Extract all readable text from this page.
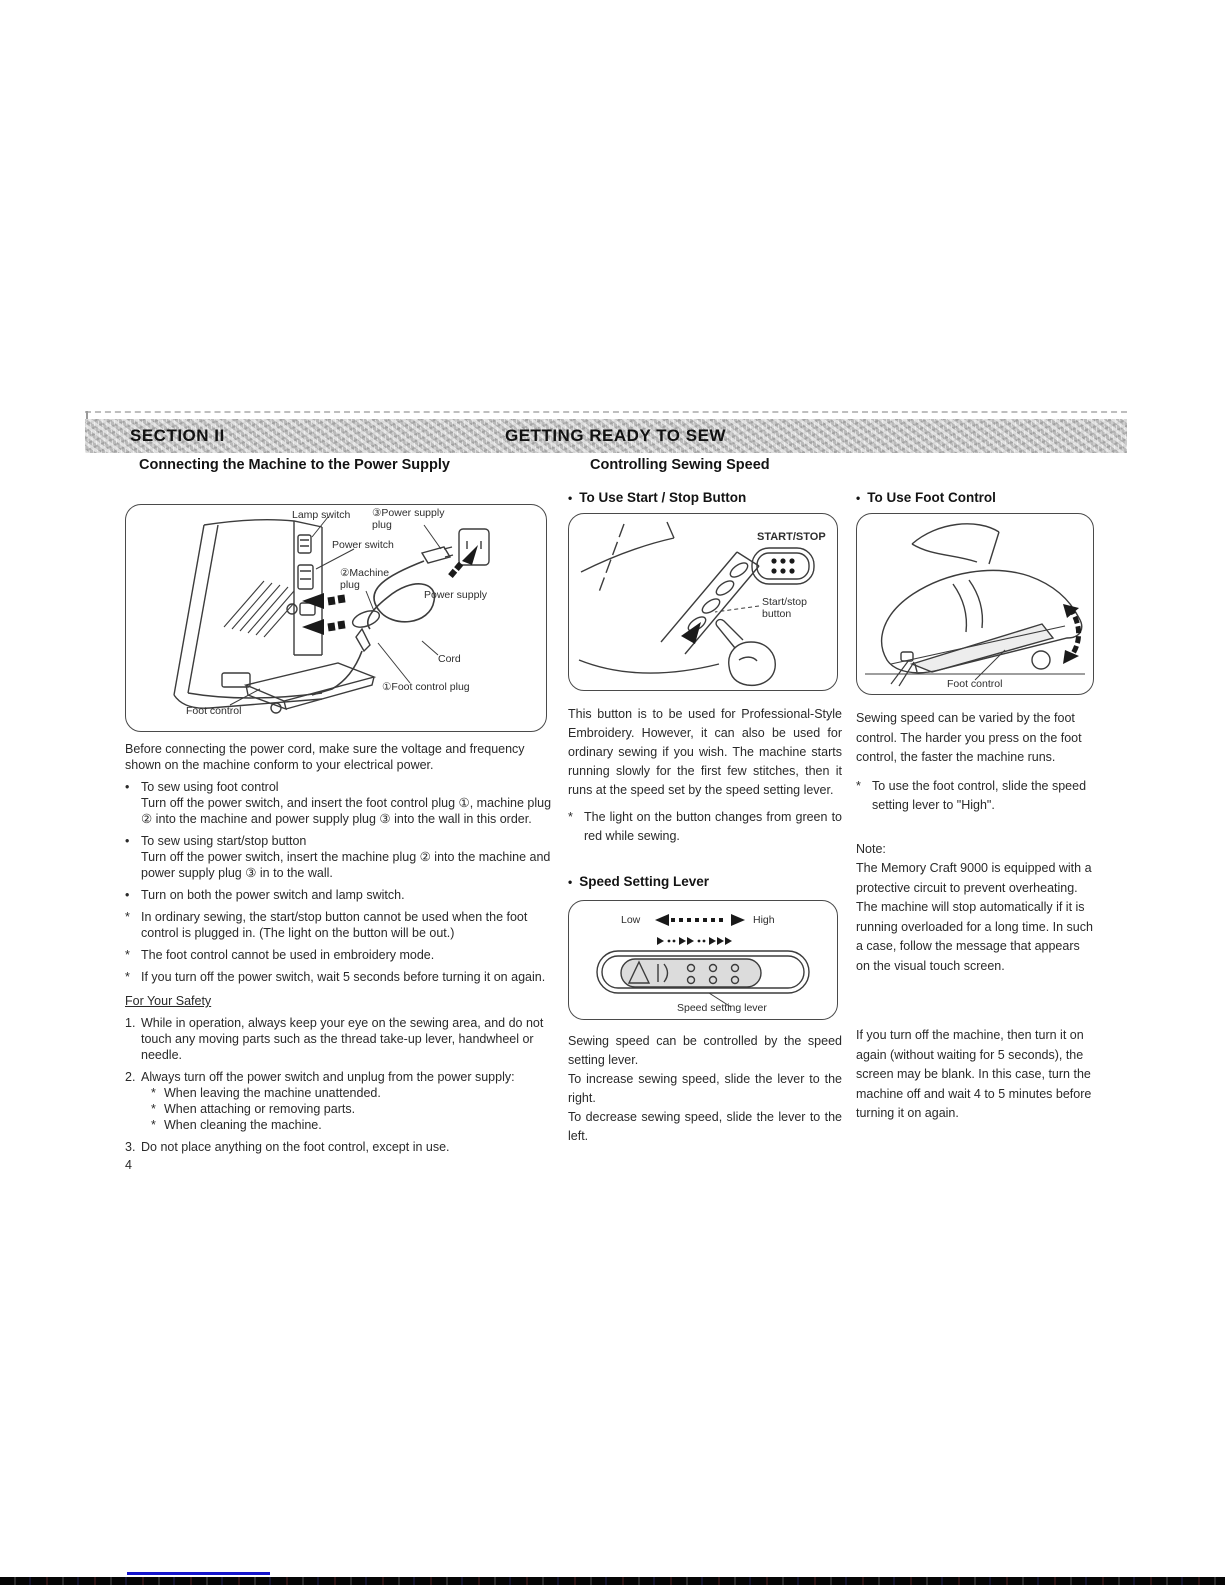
SECTION II	GETTING READY TO SEW
Connecting the Machine to the Power Supply
Lamp switch ③Power supply plug
Power switch
②Machine plug
Power supply
Cord
①Foot control plug
Foot control

Before connecting the power cord, make sure the voltage and frequency shown on the machine conform to your electrical power.

• To sew using foot control
Turn off the power switch, and insert the foot control plug ①, machine plug ② into the machine and power supply plug ③ into the wall in this order.
• To sew using start/stop button
Turn off the power switch, insert the machine plug ② into the machine and power supply plug ③ in to the wall.
• Turn on both the power switch and lamp switch.
* In ordinary sewing, the start/stop button cannot be used when the foot control is plugged in. (The light on the button will be out.)
* The foot control cannot be used in embroidery mode.
* If you turn off the power switch, wait 5 seconds before turning it on again.

For Your Safety

1. While in operation, always keep your eye on the sewing area, and do not touch any moving parts such as the thread take-up lever, handwheel or needle.
2. Always turn off the power switch and unplug from the power supply:
* When leaving the machine unattended.
* When attaching or removing parts.
* When cleaning the machine.
3. Do not place anything on the foot control, except in use.

4

Controlling Sewing Speed
• To Use Start / Stop Button
START/STOP
Start/stop button

This button is to be used for Professional-Style Embroidery. However, it can also be used for ordinary sewing if you wish. The machine starts running slowly for the first few stitches, then it runs at the speed set by the speed setting lever.

* The light on the button changes from green to red while sewing.
• Speed Setting Lever
Low	High
Speed setting lever

Sewing speed can be controlled by the speed setting lever.

To increase sewing speed, slide the lever to the right.

To decrease sewing speed, slide the lever to the left.

• To Use Foot Control
Foot control

Sewing speed can be varied by the foot control. The harder you press on the foot control, the faster the machine runs.

* To use the foot control, slide the speed setting lever to "High".

Note:

The Memory Craft 9000 is equipped with a protective circuit to prevent overheating. The machine will stop automatically if it is running overloaded for a long time. In such a case, follow the message that appears on the visual touch screen.

If you turn off the machine, then turn it on again (without waiting for 5 seconds), the screen may be blank. In this case, turn the machine off and wait 4 to 5 minutes before turning it on again.
